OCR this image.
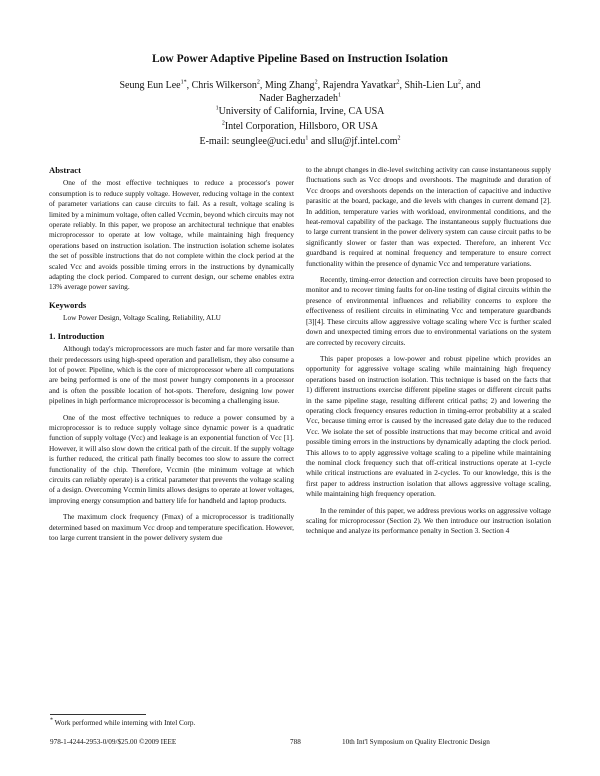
Low Power Adaptive Pipeline Based on Instruction Isolation
Seung Eun Lee$^{1*}$, Chris Wilkerson$^2$, Ming Zhang$^2$, Rajendra Yavatkar$^2$, Shih-Lien Lu$^2$, and
Nader Bagherzadeh$^1$
$^1$University of California, Irvine, CA USA
$^2$Intel Corporation, Hillsboro, OR USA
E-mail: seunglee@uci.edu$^1$ and sllu@jf.intel.com$^2$
Abstract

One of the most effective techniques to reduce a processor's power consumption is to reduce supply voltage. However, reducing voltage in the context of parameter variations can cause circuits to fail. As a result, voltage scaling is limited by a minimum voltage, often called Vccmin, beyond which circuits may not operate reliably. In this paper, we propose an architectural technique that enables microprocessor to operate at low voltage, while maintaining high frequency operations based on instruction isolation. The instruction isolation scheme isolates the set of possible instructions that do not complete within the clock period at the scaled Vcc and avoids possible timing errors in the instructions by dynamically adapting the clock period. Compared to current design, our scheme enables extra 13% average power saving.

Keywords

Low Power Design, Voltage Scaling, Reliability, ALU

1. Introduction

Although today's microprocessors are much faster and far more versatile than their predecessors using high-speed operation and parallelism, they also consume a lot of power. Pipeline, which is the core of microprocessor where all computations are being performed is one of the most power hungry components in a processor and is often the possible location of hot-spots. Therefore, designing low power pipelines in high performance microprocessor is becoming a challenging issue.

One of the most effective techniques to reduce a power consumed by a microprocessor is to reduce supply voltage since dynamic power is a quadratic function of supply voltage (Vcc) and leakage is an exponential function of Vcc [1]. However, it will also slow down the critical path of the circuit. If the supply voltage is further reduced, the critical path finally becomes too slow to assure the correct functionality of the chip. Therefore, Vccmin (the minimum voltage at which circuits can reliably operate) is a critical parameter that prevents the voltage scaling of a design. Overcoming Vccmin limits allows designs to operate at lower voltages, improving energy consumption and battery life for handheld and laptop products.

The maximum clock frequency (Fmax) of a microprocessor is traditionally determined based on maximum Vcc droop and temperature specification. However, too large current transient in the power delivery system due

to the abrupt changes in die-level switching activity can cause instantaneous supply fluctuations such as Vcc droops and overshoots. The magnitude and duration of Vcc droops and overshoots depends on the interaction of capacitive and inductive parasitic at the board, package, and die levels with changes in current demand [2]. In addition, temperature varies with workload, environmental conditions, and the heat-removal capability of the package. The instantaneous supply fluctuations due to large current transient in the power delivery system can cause circuit paths to be significantly slower or faster than was expected. Therefore, an inherent Vcc guardband is required at nominal frequency and temperature to ensure correct functionality within the presence of dynamic Vcc and temperature variations.

Recently, timing-error detection and correction circuits have been proposed to monitor and to recover timing faults for on-line testing of digital circuits within the presence of environmental influences and reliability concerns to explore the effectiveness of resilient circuits in eliminating Vcc and temperature guardbands [3][4]. These circuits allow aggressive voltage scaling where Vcc is further scaled down and unexpected timing errors due to environmental variations on the system are corrected by recovery circuits.

This paper proposes a low-power and robust pipeline which provides an opportunity for aggressive voltage scaling while maintaining high frequency operations based on instruction isolation. This technique is based on the facts that 1) different instructions exercise different pipeline stages or different circuit paths in the same pipeline stage, resulting different critical paths; 2) and lowering the operating clock frequency ensures reduction in timing-error probability at a scaled Vcc, because timing error is caused by the increased gate delay due to the reduced Vcc. We isolate the set of possible instructions that may become critical and avoid possible timing errors in the instructions by dynamically adapting the clock period. This allows to to apply aggressive voltage scaling to a pipeline while maintaining the nominal clock frequency such that off-critical instructions operate at 1-cycle while critical instructions are evaluated in 2-cycles. To our knowledge, this is the first paper to address instruction isolation that allows aggressive voltage scaling, while maintaining high frequency operation.

In the reminder of this paper, we address previous works on aggressive voltage scaling for microprocessor (Section 2). We then introduce our instruction isolation technique and analyze its performance penalty in Section 3. Section 4

* Work performed while interning with Intel Corp.
978-1-4244-2953-0/09/$25.00 ©2009 IEEE	788	10th Int'l Symposium on Quality Electronic Design
